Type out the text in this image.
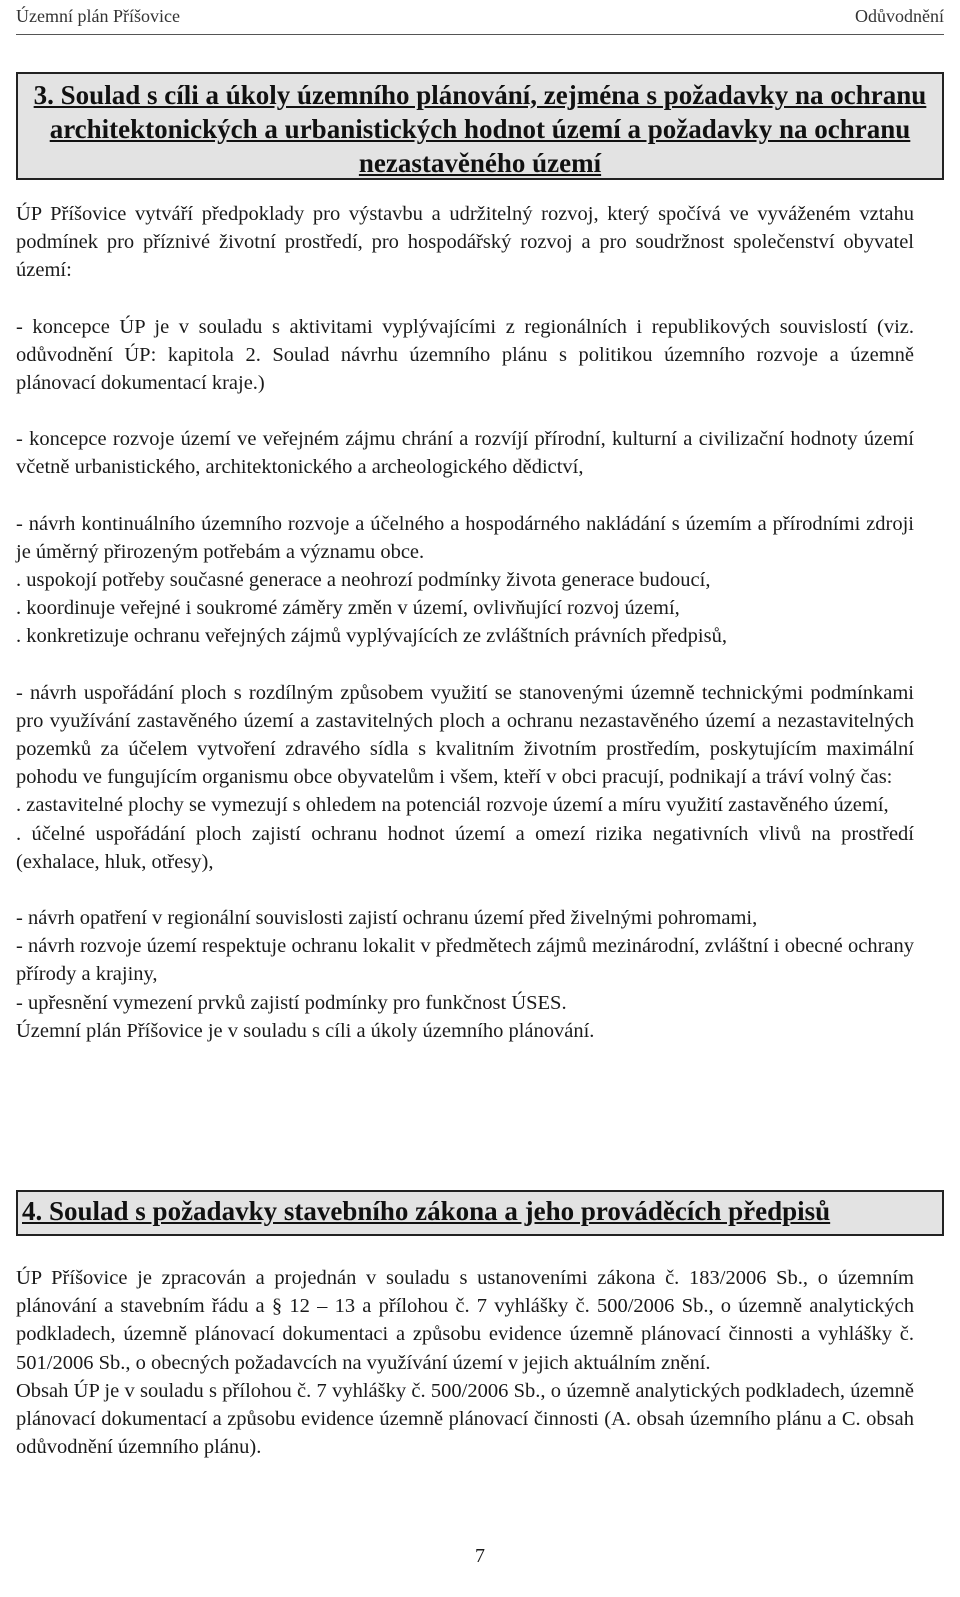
Územní plán Příšovice	Odůvodnění
3. Soulad s cíli a úkoly územního plánování, zejména s požadavky na ochranu architektonických a urbanistických hodnot území a požadavky na ochranu nezastavěného území

ÚP Příšovice vytváří předpoklady pro výstavbu a udržitelný rozvoj, který spočívá ve vyváženém vztahu podmínek pro příznivé životní prostředí, pro hospodářský rozvoj a pro soudržnost společenství obyvatel území:

- koncepce ÚP je v souladu s aktivitami vyplývajícími z regionálních i republikových souvislostí (viz. odůvodnění ÚP: kapitola 2. Soulad návrhu územního plánu s politikou územního rozvoje a územně plánovací dokumentací kraje.)

- koncepce rozvoje území ve veřejném zájmu chrání a rozvíjí přírodní, kulturní a civilizační hodnoty území včetně urbanistického, architektonického a archeologického dědictví,

- návrh kontinuálního územního rozvoje a účelného a hospodárného nakládání s územím a přírodními zdroji je úměrný přirozeným potřebám a významu obce.

. uspokojí potřeby současné generace a neohrozí podmínky života generace budoucí,

. koordinuje veřejné i soukromé záměry změn v území, ovlivňující rozvoj území,

. konkretizuje ochranu veřejných zájmů vyplývajících ze zvláštních právních předpisů,

- návrh uspořádání ploch s rozdílným způsobem využití se stanovenými územně technickými podmínkami pro využívání zastavěného území a zastavitelných ploch a ochranu nezastavěného území a nezastavitelných pozemků za účelem vytvoření zdravého sídla s kvalitním životním prostředím, poskytujícím maximální pohodu ve fungujícím organismu obce obyvatelům i všem, kteří v obci pracují, podnikají a tráví volný čas:

. zastavitelné plochy se vymezují s ohledem na potenciál rozvoje území a míru využití zastavěného území,

. účelné uspořádání ploch zajistí ochranu hodnot území a omezí rizika negativních vlivů na prostředí (exhalace, hluk, otřesy),

- návrh opatření v regionální souvislosti zajistí ochranu území před živelnými pohromami,

- návrh rozvoje území respektuje ochranu lokalit v předmětech zájmů mezinárodní, zvláštní i obecné ochrany přírody a krajiny,

- upřesnění vymezení prvků zajistí podmínky pro funkčnost ÚSES.

Územní plán Příšovice je v souladu s cíli a úkoly územního plánování.

4. Soulad s požadavky stavebního zákona a jeho prováděcích předpisů

ÚP Příšovice je zpracován a projednán v souladu s ustanoveními zákona č. 183/2006 Sb., o územním plánování a stavebním řádu a § 12 – 13 a přílohou č. 7 vyhlášky č. 500/2006 Sb., o územně analytických podkladech, územně plánovací dokumentaci a způsobu evidence územně plánovací činnosti a vyhlášky č. 501/2006 Sb., o obecných požadavcích na využívání území v jejich aktuálním znění.

Obsah ÚP je v souladu s přílohou č. 7 vyhlášky č. 500/2006 Sb., o územně analytických podkladech, územně plánovací dokumentací a způsobu evidence územně plánovací činnosti (A. obsah územního plánu a C. obsah odůvodnění územního plánu).

7
